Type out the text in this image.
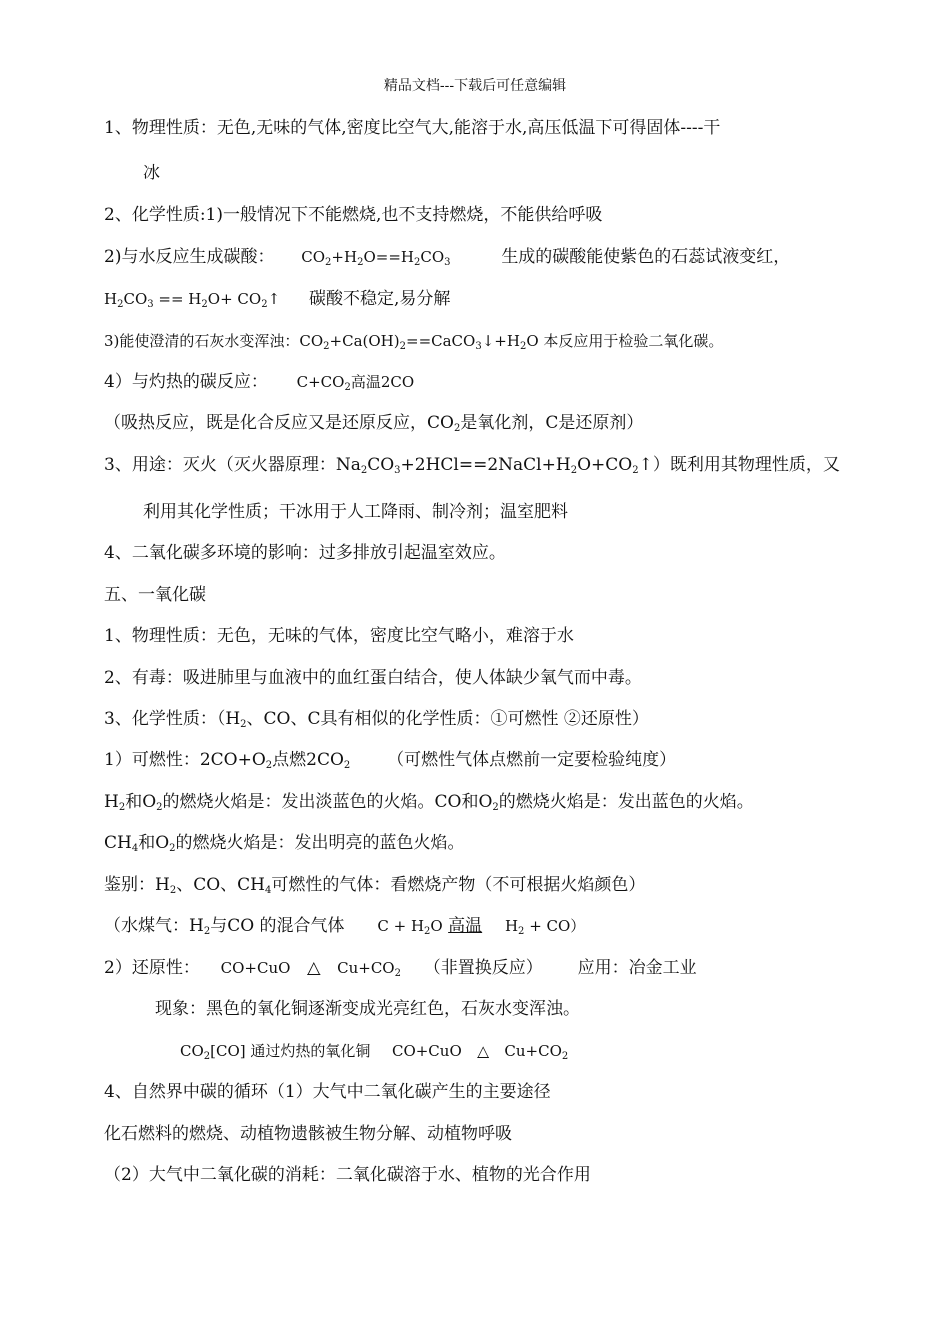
精品文档---下载后可任意编辑
1、物理性质：无色,无味的气体,密度比空气大,能溶于水,高压低温下可得固体----干
冰
2、化学性质:1)一般情况下不能燃烧,也不支持燃烧，不能供给呼吸
2)与水反应生成碳酸： $CO_2+H_2O==H_2CO_3$	生成的碳酸能使紫色的石蕊试液变红，
$H_2CO_3 == H_2O+$ $CO_2↑$ 碳酸不稳定,易分解
3)能使澄清的石灰水变浑浊：$CO_2+Ca(OH)_2==CaCO_3↓+H_2O$ 本反应用于检验二氧化碳。
4）与灼热的碳反应： $C+CO_2$高温2CO
（吸热反应，既是化合反应又是还原反应，$CO_2$是氧化剂，C是还原剂）
3、用途：灭火（灭火器原理：$Na_2CO_3+2HCl==2NaCl+H_2O+CO_2↑$）既利用其物理性质，又
利用其化学性质；干冰用于人工降雨、制冷剂；温室肥料
4、二氧化碳多环境的影响：过多排放引起温室效应。
五、一氧化碳
1、物理性质：无色，无味的气体，密度比空气略小，难溶于水
2、有毒：吸进肺里与血液中的血红蛋白结合，使人体缺少氧气而中毒。
3、化学性质：（$H_2$、CO、C具有相似的化学性质：①可燃性 ②还原性）
1）可燃性：$2CO+O_2$点燃$2CO_2$ （可燃性气体点燃前一定要检验纯度）
$H_2$和$O_2$的燃烧火焰是：发出淡蓝色的火焰。CO和$O_2$的燃烧火焰是：发出蓝色的火焰。
$CH_4$和$O_2$的燃烧火焰是：发出明亮的蓝色火焰。
鉴别：$H_2$、CO、$CH_4$可燃性的气体：看燃烧产物（不可根据火焰颜色）
（水煤气：$H_2$与CO 的混合气体 $C + H_2O$ 高温 $H_2 + CO$）
2）还原性： CO+CuO △ $Cu+CO_2$ （非置换反应） 应用：冶金工业
现象：黑色的氧化铜逐渐变成光亮红色，石灰水变浑浊。
$CO_2[CO]$ 通过灼热的氧化铜 CO+CuO △ $Cu+CO_2$
4、自然界中碳的循环（1）大气中二氧化碳产生的主要途径
化石燃料的燃烧、动植物遗骸被生物分解、动植物呼吸
（2）大气中二氧化碳的消耗：二氧化碳溶于水、植物的光合作用
